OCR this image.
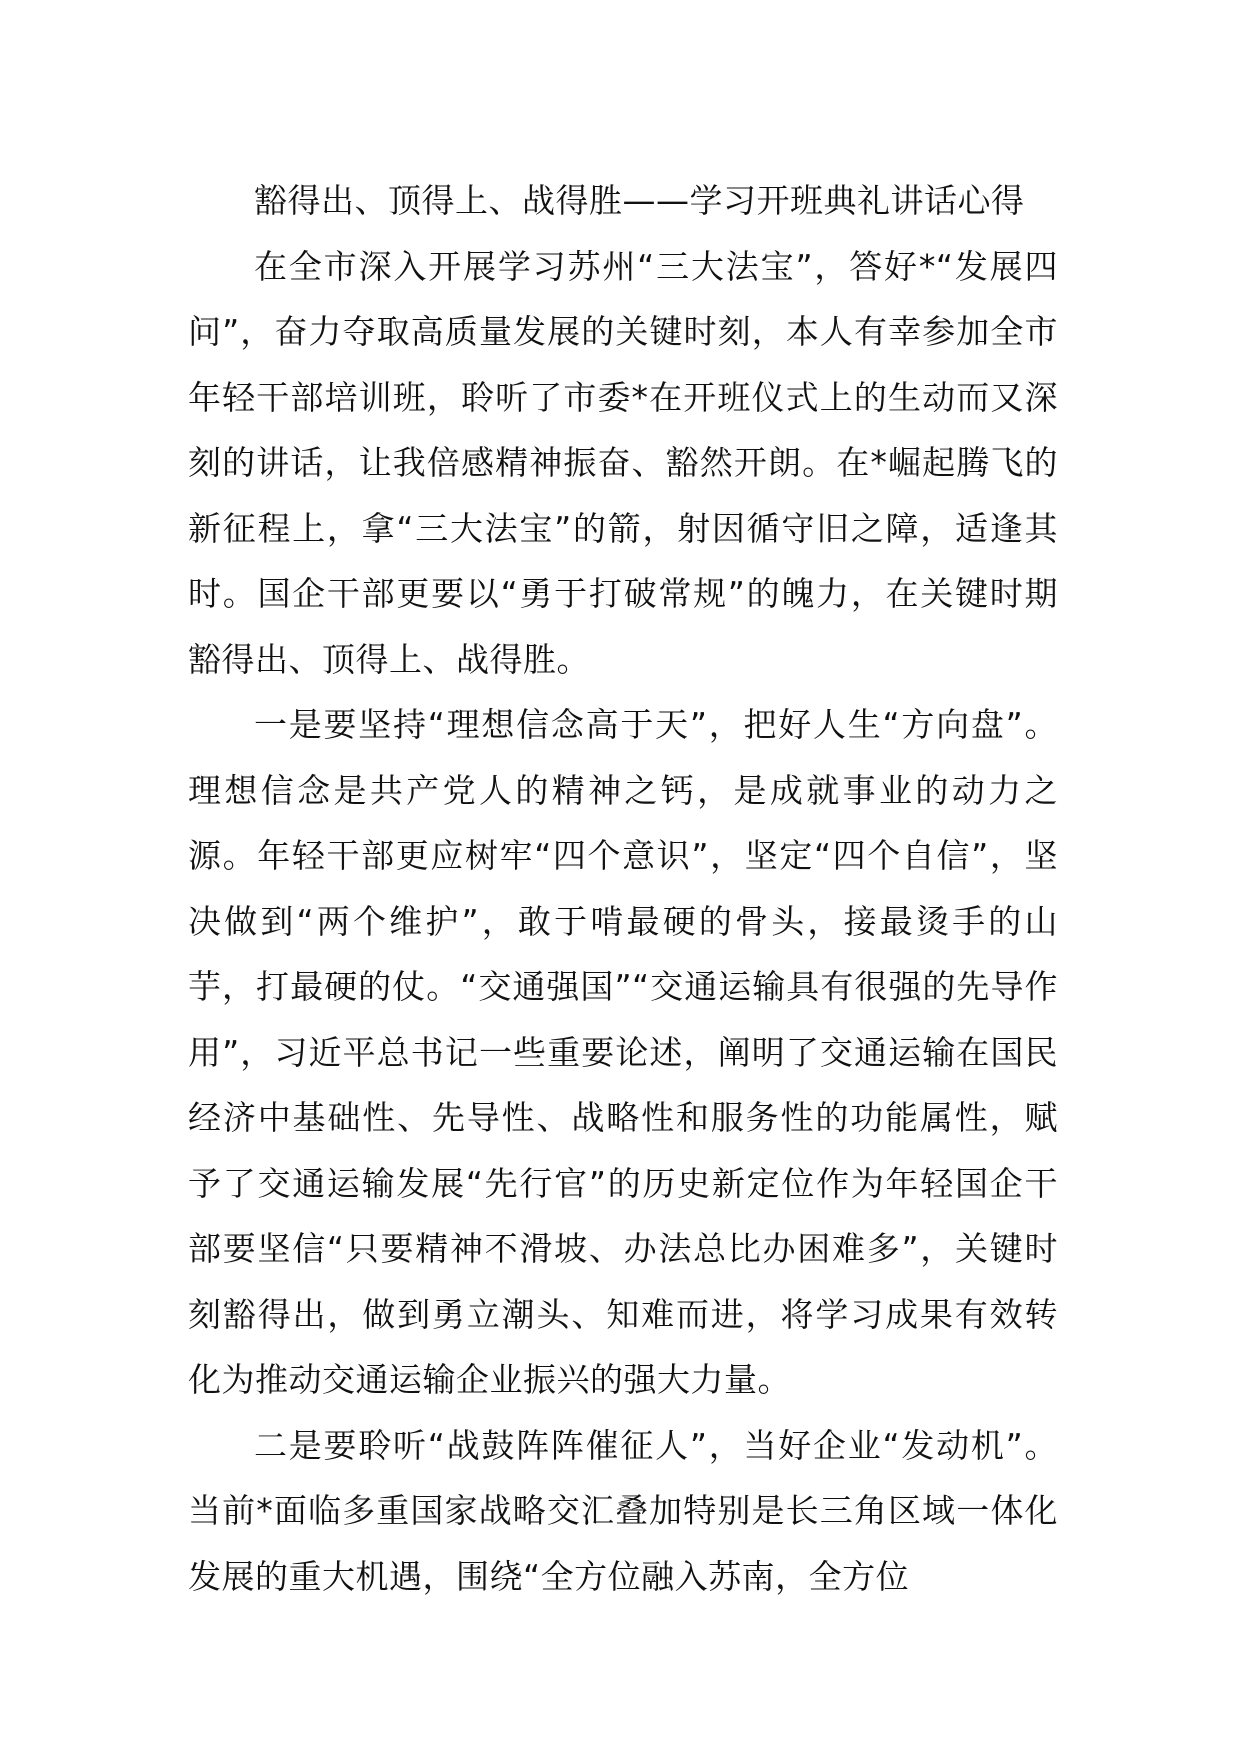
豁得出、顶得上、战得胜——学习开班典礼讲话心得

在全市深入开展学习苏州“三大法宝”，答好*“发展四问”，奋力夺取高质量发展的关键时刻，本人有幸参加全市年轻干部培训班，聆听了市委*在开班仪式上的生动而又深刻的讲话，让我倍感精神振奋、豁然开朗。在*崛起腾飞的新征程上，拿“三大法宝”的箭，射因循守旧之障，适逢其时。国企干部更要以“勇于打破常规”的魄力，在关键时期豁得出、顶得上、战得胜。

一是要坚持“理想信念高于天”，把好人生“方向盘”。理想信念是共产党人的精神之钙，是成就事业的动力之源。年轻干部更应树牢“四个意识”，坚定“四个自信”，坚决做到“两个维护”，敢于啃最硬的骨头，接最烫手的山芋，打最硬的仗。“交通强国”“交通运输具有很强的先导作用”，习近平总书记一些重要论述，阐明了交通运输在国民经济中基础性、先导性、战略性和服务性的功能属性，赋予了交通运输发展“先行官”的历史新定位作为年轻国企干部要坚信“只要精神不滑坡、办法总比办困难多”，关键时刻豁得出，做到勇立潮头、知难而进，将学习成果有效转化为推动交通运输企业振兴的强大力量。

二是要聆听“战鼓阵阵催征人”，当好企业“发动机”。当前*面临多重国家战略交汇叠加特别是长三角区域一体化发展的重大机遇，围绕“全方位融入苏南，全方位
